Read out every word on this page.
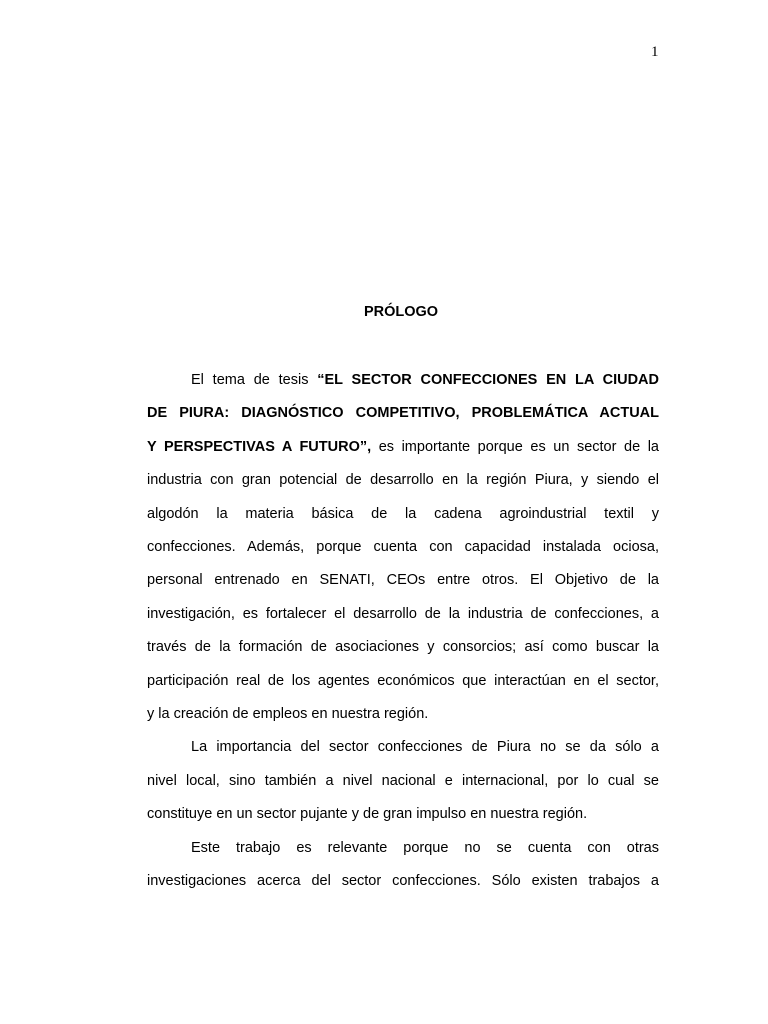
1
PRÓLOGO
El tema de tesis “EL SECTOR CONFECCIONES EN LA CIUDAD
DE PIURA: DIAGNÓSTICO COMPETITIVO, PROBLEMÁTICA ACTUAL
Y PERSPECTIVAS A FUTURO”, es importante porque es un sector de la
industria con gran potencial de desarrollo en la región Piura, y siendo el
algodón la materia básica de la cadena agroindustrial textil y
confecciones. Además, porque cuenta con capacidad instalada ociosa,
personal entrenado en SENATI, CEOs entre otros. El Objetivo de la
investigación, es fortalecer el desarrollo de la industria de confecciones, a
través de la formación de asociaciones y consorcios; así como buscar la
participación real de los agentes económicos que interactúan en el sector,
y la creación de empleos en nuestra región.
La importancia del sector confecciones de Piura no se da sólo a
nivel local, sino también a nivel nacional e internacional, por lo cual se
constituye en un sector pujante y de gran impulso en nuestra región.
Este trabajo es relevante porque no se cuenta con otras
investigaciones acerca del sector confecciones. Sólo existen trabajos a
